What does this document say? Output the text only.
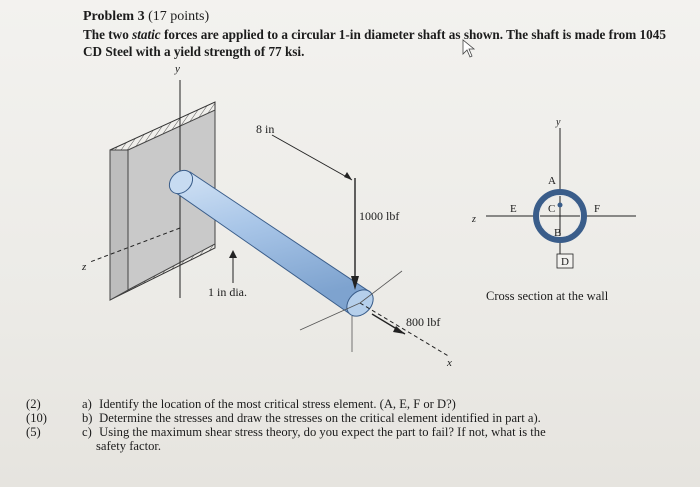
Problem 3 (17 points)
The two static forces are applied to a circular 1-in diameter shaft as shown. The shaft is made from 1045 CD Steel with a yield strength of 77 ksi.
y
z
x
8 in
1000 lbf
800 lbf
1 in dia.
y
z
A
B
C
D
E	F
Cross section at the wall
(2)	a) Identify the location of the most critical stress element. (A, E, F or D?)
(10)	b) Determine the stresses and draw the stresses on the critical element identified in part a).
(5)	c) Using the maximum shear stress theory, do you expect the part to fail? If not, what is the
safety factor.
